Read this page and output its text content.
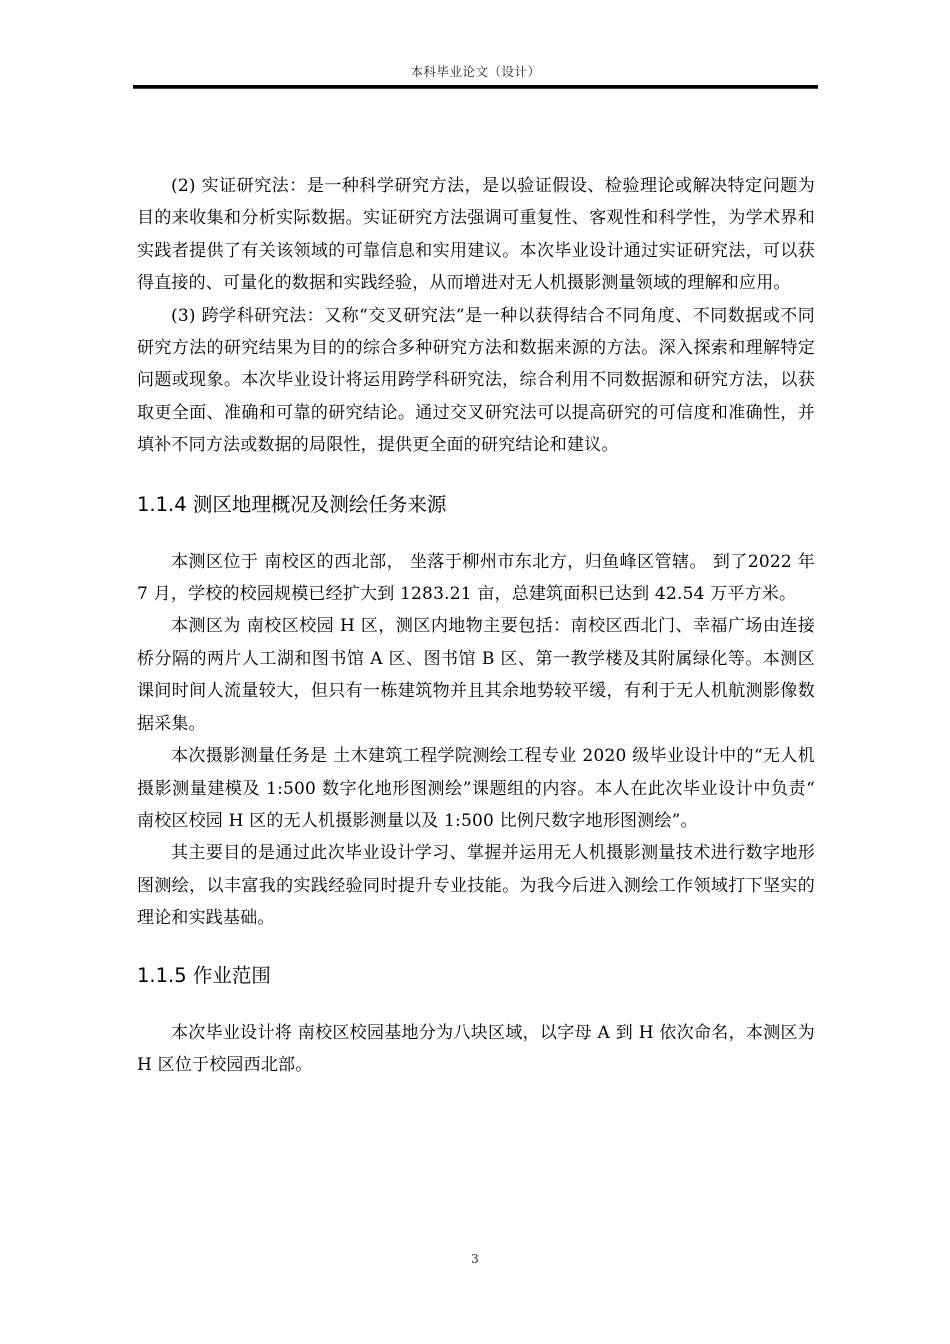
本科毕业论文（设计）

(2) 实证研究法：是一种科学研究方法，是以验证假设、检验理论或解决特定问题为目的来收集和分析实际数据。实证研究方法强调可重复性、客观性和科学性，为学术界和实践者提供了有关该领域的可靠信息和实用建议。本次毕业设计通过实证研究法，可以获得直接的、可量化的数据和实践经验，从而增进对无人机摄影测量领域的理解和应用。

(3) 跨学科研究法：又称“交叉研究法”是一种以获得结合不同角度、不同数据或不同研究方法的研究结果为目的的综合多种研究方法和数据来源的方法。深入探索和理解特定问题或现象。本次毕业设计将运用跨学科研究法，综合利用不同数据源和研究方法，以获取更全面、准确和可靠的研究结论。通过交叉研究法可以提高研究的可信度和准确性，并填补不同方法或数据的局限性，提供更全面的研究结论和建议。

1.1.4 测区地理概况及测绘任务来源

本测区位于 南校区的西北部， 坐落于柳州市东北方，归鱼峰区管辖。 到了2022 年 7 月，学校的校园规模已经扩大到 1283.21 亩，总建筑面积已达到 42.54 万平方米。

本测区为 南校区校园 H 区，测区内地物主要包括：南校区西北门、幸福广场由连接桥分隔的两片人工湖和图书馆 A 区、图书馆 B 区、第一教学楼及其附属绿化等。本测区课间时间人流量较大，但只有一栋建筑物并且其余地势较平缓，有利于无人机航测影像数据采集。

本次摄影测量任务是 土木建筑工程学院测绘工程专业 2020 级毕业设计中的“无人机摄影测量建模及 1:500 数字化地形图测绘”课题组的内容。本人在此次毕业设计中负责“ 南校区校园 H 区的无人机摄影测量以及 1:500 比例尺数字地形图测绘”。

其主要目的是通过此次毕业设计学习、掌握并运用无人机摄影测量技术进行数字地形图测绘，以丰富我的实践经验同时提升专业技能。为我今后进入测绘工作领域打下坚实的理论和实践基础。

1.1.5 作业范围

本次毕业设计将 南校区校园基地分为八块区域，以字母 A 到 H 依次命名，本测区为 H 区位于校园西北部。

3
